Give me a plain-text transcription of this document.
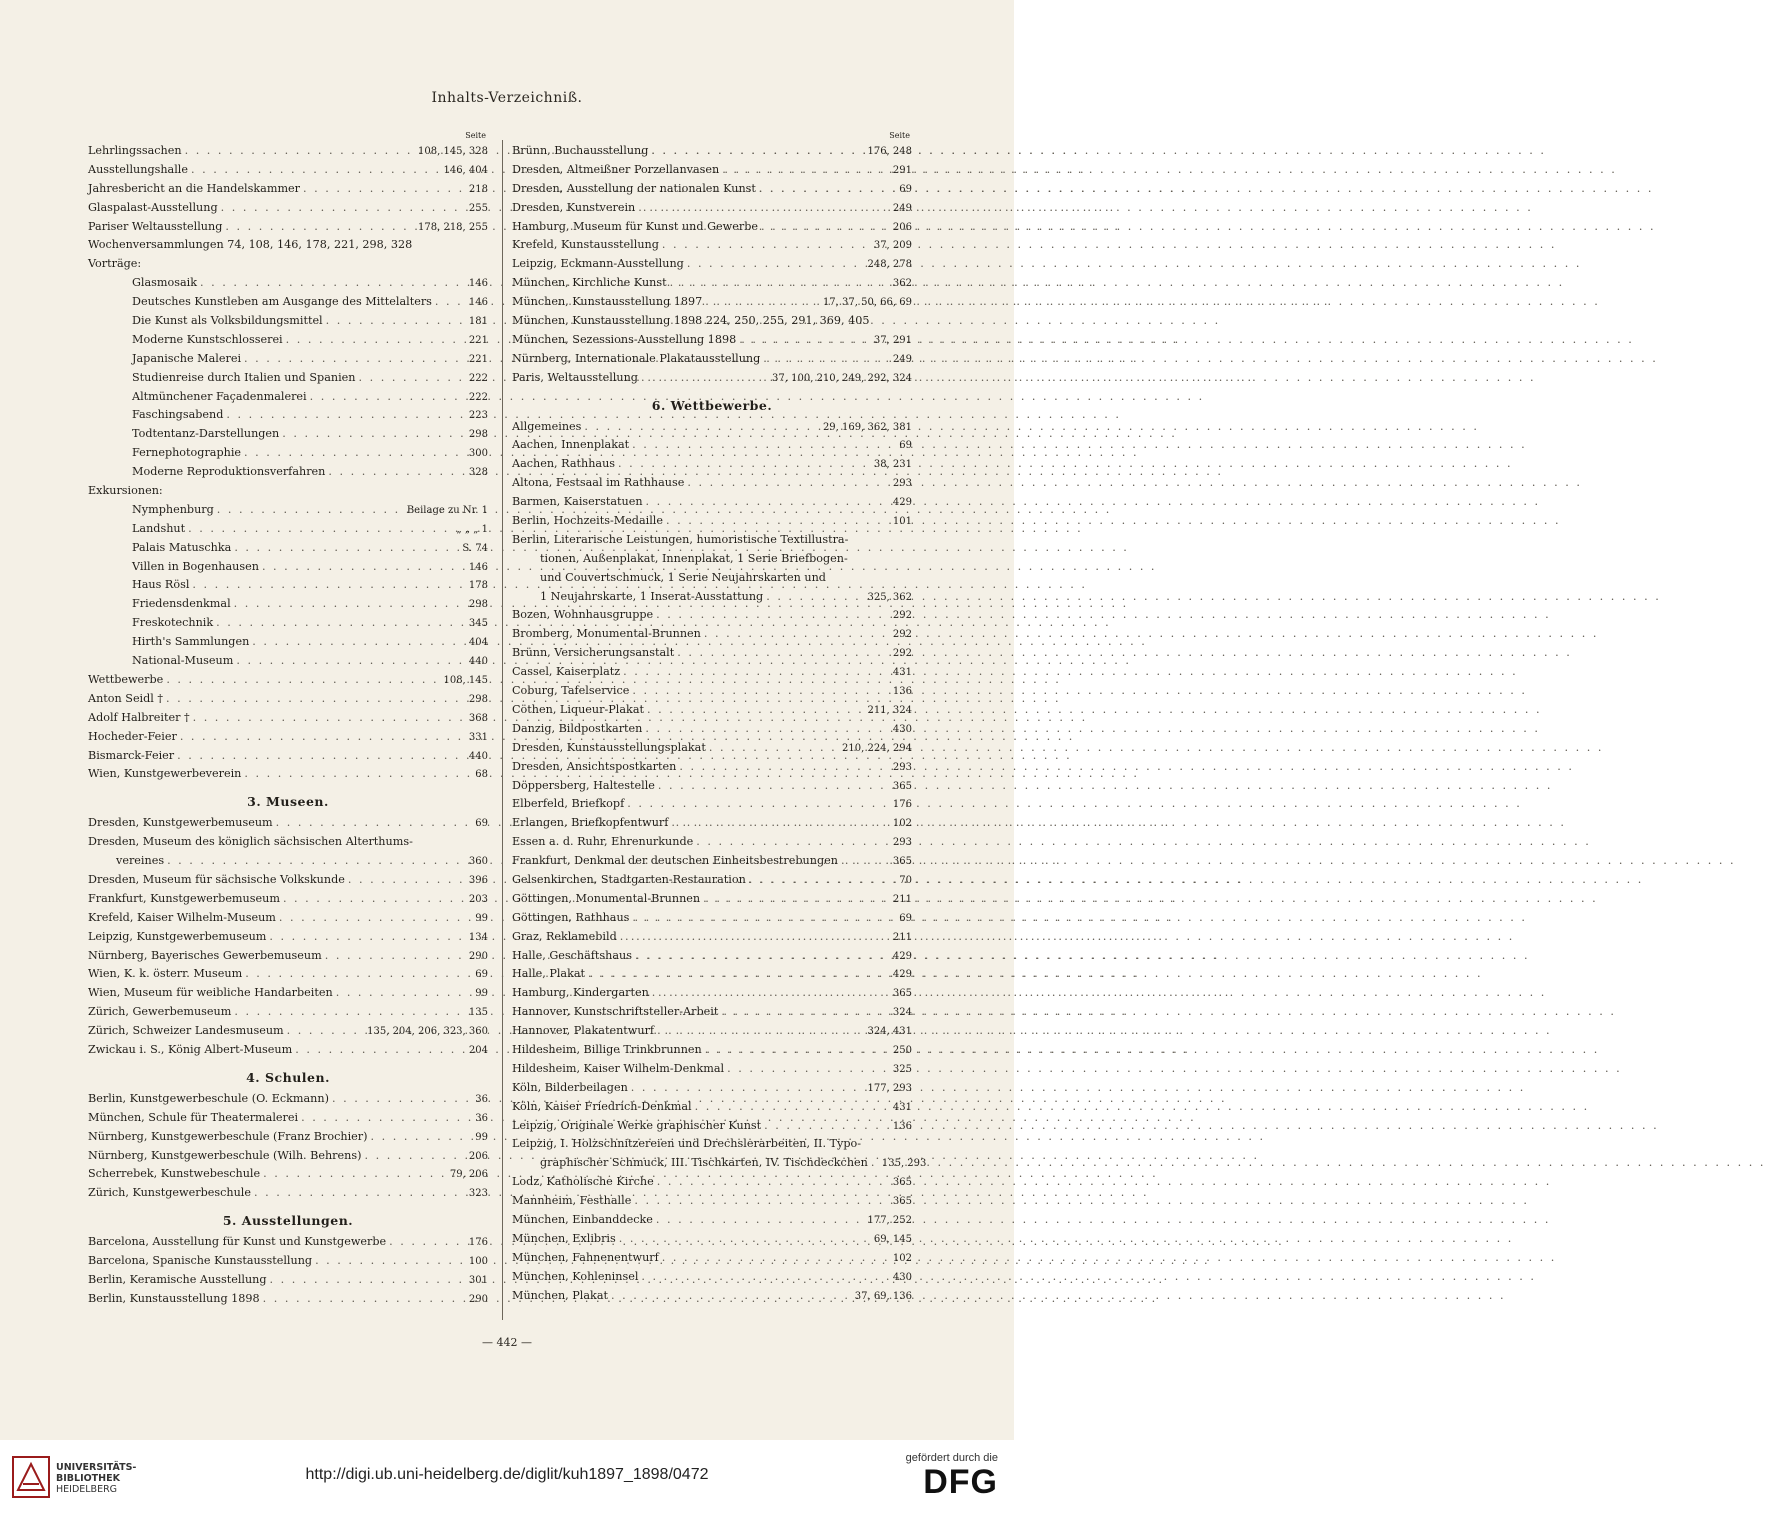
Inhalts-Verzeichniß.
Seite
Lehrlingssachen . . .	108, 145, 328
Ausstellungshalle . . .	146, 404
Jahresbericht an die Handelskammer . . .	218
Glaspalast-Ausstellung . . .	255
Pariser Weltausstellung . . .	178, 218, 255
Wochenversammlungen 74, 108, 146, 178, 221, 298, 328
Vorträge:
Glasmosaik . . .	146
Deutsches Kunstleben am Ausgange des Mittelalters . . .	146
Die Kunst als Volksbildungsmittel . . .	181
Moderne Kunstschlosserei . . .	221
Japanische Malerei . . .	221
Studienreise durch Italien und Spanien . . .	222
Altmünchener Façadenmalerei . . .	222
Faschingsabend . . .	223
Todtentanz-Darstellungen . . .	298
Fernephotographie . . .	300
Moderne Reproduktionsverfahren . . .	328
Exkursionen:
Nymphenburg . . .	Beilage zu Nr. 1
Landshut . . .	„ „ „ 1
Palais Matuschka . . .	S. 74
Villen in Bogenhausen . . .	146
Haus Rösl . . .	178
Friedensdenkmal . . .	298
Freskotechnik . . .	345
Hirth's Sammlungen . . .	404
National-Museum . . .	440
Wettbewerbe . . .	108, 145
Anton Seidl † . . .	298
Adolf Halbreiter † . . .	368
Hocheder-Feier . . .	331
Bismarck-Feier . . .	440
Wien, Kunstgewerbeverein . . .	68
3. Museen.
Dresden, Kunstgewerbemuseum . . .	69
Dresden, Museum des königlich sächsischen Alterthums-
vereines . . .	360
Dresden, Museum für sächsische Volkskunde . . .	396
Frankfurt, Kunstgewerbemuseum . . .	203
Krefeld, Kaiser Wilhelm-Museum . . .	99
Leipzig, Kunstgewerbemuseum . . .	134
Nürnberg, Bayerisches Gewerbemuseum . . .	290
Wien, K. k. österr. Museum . . .	69
Wien, Museum für weibliche Handarbeiten . . .	99
Zürich, Gewerbemuseum . . .	135
Zürich, Schweizer Landesmuseum . . .	135, 204, 206, 323, 360
Zwickau i. S., König Albert-Museum . . .	204
4. Schulen.
Berlin, Kunstgewerbeschule (O. Eckmann) . . .	36
München, Schule für Theatermalerei . . .	36
Nürnberg, Kunstgewerbeschule (Franz Brochier) . . .	99
Nürnberg, Kunstgewerbeschule (Wilh. Behrens) . . .	206
Scherrebek, Kunstwebeschule . . .	79, 206
Zürich, Kunstgewerbeschule . . .	323
5. Ausstellungen.
Barcelona, Ausstellung für Kunst und Kunstgewerbe . . .	176
Barcelona, Spanische Kunstausstellung . . .	100
Berlin, Keramische Ausstellung . . .	301
Berlin, Kunstausstellung 1898 . . .	290
Seite
Brünn, Buchausstellung . . .	176, 248
Dresden, Altmeißner Porzellanvasen . . .	291
Dresden, Ausstellung der nationalen Kunst . . .	69
Dresden, Kunstverein . . .	249
Hamburg, Museum für Kunst und Gewerbe . . .	206
Krefeld, Kunstausstellung . . .	37, 209
Leipzig, Eckmann-Ausstellung . . .	248, 278
München, Kirchliche Kunst . . .	362
München, Kunstausstellung 1897 . . .	17, 37, 50, 66, 69
München, Kunstausstellung 1898 224, 250, 255, 291, 369, 405
München, Sezessions-Ausstellung 1898 . . .	37, 291
Nürnberg, Internationale Plakatausstellung . . .	249
Paris, Weltausstellung . . .	37, 100, 210, 249, 292, 324
6. Wettbewerbe.
Allgemeines . . .	29, 169, 362, 381
Aachen, Innenplakat . . .	69
Aachen, Rathhaus . . .	38, 231
Altona, Festsaal im Rathhause . . .	293
Barmen, Kaiserstatuen . . .	429
Berlin, Hochzeits-Medaille . . .	101
Berlin, Literarische Leistungen, humoristische Textillustra-
tionen, Außenplakat, Innenplakat, 1 Serie Briefbogen-
und Couvertschmuck, 1 Serie Neujahrskarten und
1 Neujahrskarte, 1 Inserat-Ausstattung . . .	325, 362
Bozen, Wohnhausgruppe . . .	292
Bromberg, Monumental-Brunnen . . .	292
Brünn, Versicherungsanstalt . . .	292
Cassel, Kaiserplatz . . .	431
Coburg, Tafelservice . . .	136
Cöthen, Liqueur-Plakat . . .	211, 324
Danzig, Bildpostkarten . . .	430
Dresden, Kunstausstellungsplakat . . .	210, 224, 294
Dresden, Ansichtspostkarten . . .	293
Döppersberg, Haltestelle . . .	365
Elberfeld, Briefkopf . . .	176
Erlangen, Briefkopfentwurf . . .	102
Essen a. d. Ruhr, Ehrenurkunde . . .	293
Frankfurt, Denkmal der deutschen Einheitsbestrebungen . . .	365
Gelsenkirchen, Stadtgarten-Restauration . . .	70
Göttingen, Monumental-Brunnen . . .	211
Göttingen, Rathhaus . . .	69
Graz, Reklamebild . . .	211
Halle, Geschäftshaus . . .	429
Halle, Plakat . . .	429
Hamburg, Kindergarten . . .	365
Hannover, Kunstschriftsteller-Arbeit . . .	324
Hannover, Plakatentwurf . . .	324, 431
Hildesheim, Billige Trinkbrunnen . . .	250
Hildesheim, Kaiser Wilhelm-Denkmal . . .	325
Köln, Bilderbeilagen . . .	177, 293
Köln, Kaiser Friedrich-Denkmal . . .	431
Leipzig, Originale Werke graphischer Kunst . . .	136
Leipzig, I. Holzschnitzereien und Drechslerarbeiten, II. Typo-
graphischer Schmuck, III. Tischkarten, IV. Tischdeckchen . . . 135, 293
Lodz, Katholische Kirche . . .	365
Mannheim, Festhalle . . .	365
München, Einbanddecke . . .	177, 252
München, Exlibris . . .	69, 145
München, Fahnenentwurf . . .	102
München, Kohleninsel . . .	430
München, Plakat . . .	37, 69, 136
— 442 —
UNIVERSITÄTS-
BIBLIOTHEK
HEIDELBERG
http://digi.ub.uni-heidelberg.de/diglit/kuh1897_1898/0472
gefördert durch die
DFG
